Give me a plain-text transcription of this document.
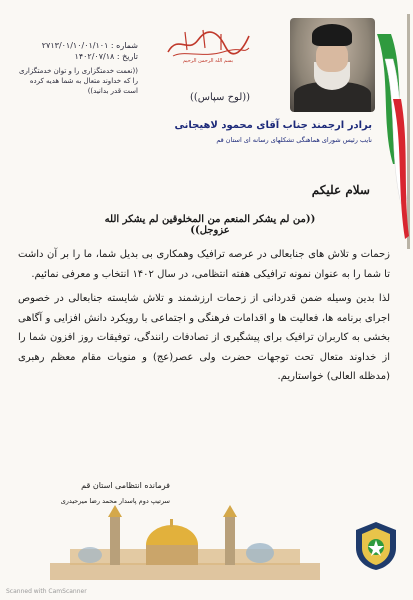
بسم الله الرحمن الرحیم
شماره : ۲۷۱۳/۰۱/۱۰/۰۱/۱۰۱
تاریخ : ۱۴۰۲/۰۷/۱۸
((نعمت خدمتگزاری را و توان خدمتگزاری را که خداوند متعال به شما هدیه کرده است قدر بدانید))
((لوح سپاس))
برادر ارجمند جناب آقای محمود لاهیجانی
نایب رئیس شورای هماهنگی تشکلهای رسانه ای استان قم
سلام علیکم
((من لم یشکر المنعم من المخلوقین لم یشکر الله عزوجل))

زحمات و تلاش های جنابعالی در عرصه ترافیک وهمکاری بی بدیل شما، ما را بر آن داشت تا شما را به عنوان نمونه ترافیکی هفته انتظامی، در سال ۱۴۰۲ انتخاب و معرفی نمائیم.

لذا بدین وسیله ضمن قدردانی از زحمات ارزشمند و تلاش شایسته جنابعالی در خصوص اجرای برنامه ها، فعالیت ها و اقدامات فرهنگی و اجتماعی با رویکرد دانش افزایی و آگاهی بخشی به کاربران ترافیک برای پیشگیری از تصادفات رانندگی، توفیقات روز افزون شما را از خداوند متعال تحت توجهات حضرت ولی عصر(عج) و منویات مقام معظم رهبری (مدظله العالی) خواستاریم.

فرمانده انتظامی استان قم
سرتیپ دوم پاسدار محمد رضا میرحیدری
Scanned with CamScanner
